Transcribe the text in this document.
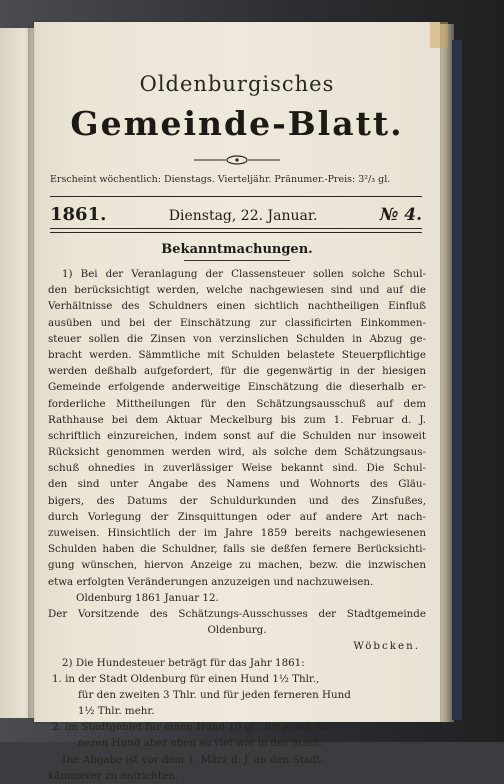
Oldenburgisches
Gemeinde-Blatt.
Erscheint wöchentlich: Dienstags. Vierteljähr. Pränumer.-Preis: 3²/₃ gl.
1861.	Dienstag, 22. Januar.	№ 4.
Bekanntmachungen.
1) Bei der Veranlagung der Classensteuer sollen solche Schul-
den berücksichtigt werden, welche nachgewiesen sind und auf die
Verhältnisse des Schuldners einen sichtlich nachtheiligen Einfluß
ausüben und bei der Einschätzung zur classificirten Einkommen-
steuer sollen die Zinsen von verzinslichen Schulden in Abzug ge-
bracht werden. Sämmtliche mit Schulden belastete Steuerpflichtige
werden deßhalb aufgefordert, für die gegenwärtig in der hiesigen
Gemeinde erfolgende anderweitige Einschätzung die dieserhalb er-
forderliche Mittheilungen für den Schätzungsausschuß auf dem
Rathhause bei dem Aktuar Meckelburg bis zum 1. Februar d. J.
schriftlich einzureichen, indem sonst auf die Schulden nur insoweit
Rücksicht genommen werden wird, als solche dem Schätzungsaus-
schuß ohnedies in zuverlässiger Weise bekannt sind. Die Schul-
den sind unter Angabe des Namens und Wohnorts des Gläu-
bigers, des Datums der Schuldurkunden und des Zinsfußes,
durch Vorlegung der Zinsquittungen oder auf andere Art nach-
zuweisen. Hinsichtlich der im Jahre 1859 bereits nachgewiesenen
Schulden haben die Schuldner, falls sie deßfen fernere Berücksichti-
gung wünschen, hiervon Anzeige zu machen, bezw. die inzwischen
etwa erfolgten Veränderungen anzuzeigen und nachzuweisen.
Oldenburg 1861 Januar 12.
Der Vorsitzende des Schätzungs-Ausschusses der Stadtgemeinde
Oldenburg.
Wöbcken.
2) Die Hundesteuer beträgt für das Jahr 1861:
1. in der Stadt Oldenburg für einen Hund 1½ Thlr.,
für den zweiten 3 Thlr. und für jeden ferneren Hund
1½ Thlr. mehr.
2. im Stadtgebiet für einen Hund 10 gl., für jeden fer-
neren Hund aber eben so viel wie in der Stadt.
Die Abgabe ist vor dem 1. März d. J. an den Stadt-
kämmerer zu entrichten.
